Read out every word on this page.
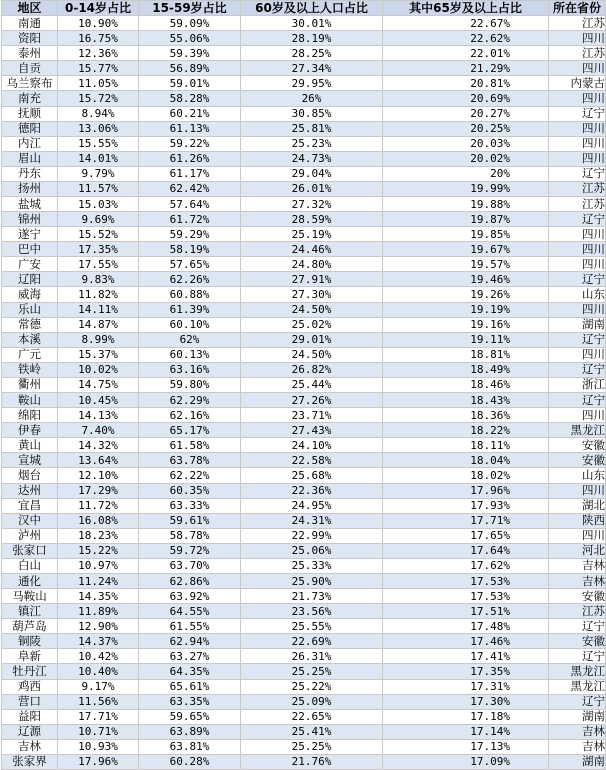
地区	0-14岁占比	15-59岁占比	60岁及以上人口占比	其中65岁及以上占比	所在省份
南通	10.90%	59.09%	30.01%	22.67%	江苏
资阳	16.75%	55.06%	28.19%	22.62%	四川
泰州	12.36%	59.39%	28.25%	22.01%	江苏
自贡	15.77%	56.89%	27.34%	21.29%	四川
乌兰察布	11.05%	59.01%	29.95%	20.81%	内蒙古
南充	15.72%	58.28%	26%	20.69%	四川
抚顺	8.94%	60.21%	30.85%	20.27%	辽宁
德阳	13.06%	61.13%	25.81%	20.25%	四川
内江	15.55%	59.22%	25.23%	20.03%	四川
眉山	14.01%	61.26%	24.73%	20.02%	四川
丹东	9.79%	61.17%	29.04%	20%	辽宁
扬州	11.57%	62.42%	26.01%	19.99%	江苏
盐城	15.03%	57.64%	27.32%	19.88%	江苏
锦州	9.69%	61.72%	28.59%	19.87%	辽宁
遂宁	15.52%	59.29%	25.19%	19.85%	四川
巴中	17.35%	58.19%	24.46%	19.67%	四川
广安	17.55%	57.65%	24.80%	19.57%	四川
辽阳	9.83%	62.26%	27.91%	19.46%	辽宁
威海	11.82%	60.88%	27.30%	19.26%	山东
乐山	14.11%	61.39%	24.50%	19.19%	四川
常德	14.87%	60.10%	25.02%	19.16%	湖南
本溪	8.99%	62%	29.01%	19.11%	辽宁
广元	15.37%	60.13%	24.50%	18.81%	四川
铁岭	10.02%	63.16%	26.82%	18.49%	辽宁
衢州	14.75%	59.80%	25.44%	18.46%	浙江
鞍山	10.45%	62.29%	27.26%	18.43%	辽宁
绵阳	14.13%	62.16%	23.71%	18.36%	四川
伊春	7.40%	65.17%	27.43%	18.22%	黑龙江
黄山	14.32%	61.58%	24.10%	18.11%	安徽
宣城	13.64%	63.78%	22.58%	18.04%	安徽
烟台	12.10%	62.22%	25.68%	18.02%	山东
达州	17.29%	60.35%	22.36%	17.96%	四川
宜昌	11.72%	63.33%	24.95%	17.93%	湖北
汉中	16.08%	59.61%	24.31%	17.71%	陕西
泸州	18.23%	58.78%	22.99%	17.65%	四川
张家口	15.22%	59.72%	25.06%	17.64%	河北
白山	10.97%	63.70%	25.33%	17.62%	吉林
通化	11.24%	62.86%	25.90%	17.53%	吉林
马鞍山	14.35%	63.92%	21.73%	17.53%	安徽
镇江	11.89%	64.55%	23.56%	17.51%	江苏
葫芦岛	12.90%	61.55%	25.55%	17.48%	辽宁
铜陵	14.37%	62.94%	22.69%	17.46%	安徽
阜新	10.42%	63.27%	26.31%	17.41%	辽宁
牡丹江	10.40%	64.35%	25.25%	17.35%	黑龙江
鸡西	9.17%	65.61%	25.22%	17.31%	黑龙江
营口	11.56%	63.35%	25.09%	17.30%	辽宁
益阳	17.71%	59.65%	22.65%	17.18%	湖南
辽源	10.71%	63.89%	25.41%	17.14%	吉林
吉林	10.93%	63.81%	25.25%	17.13%	吉林
张家界	17.96%	60.28%	21.76%	17.09%	湖南
